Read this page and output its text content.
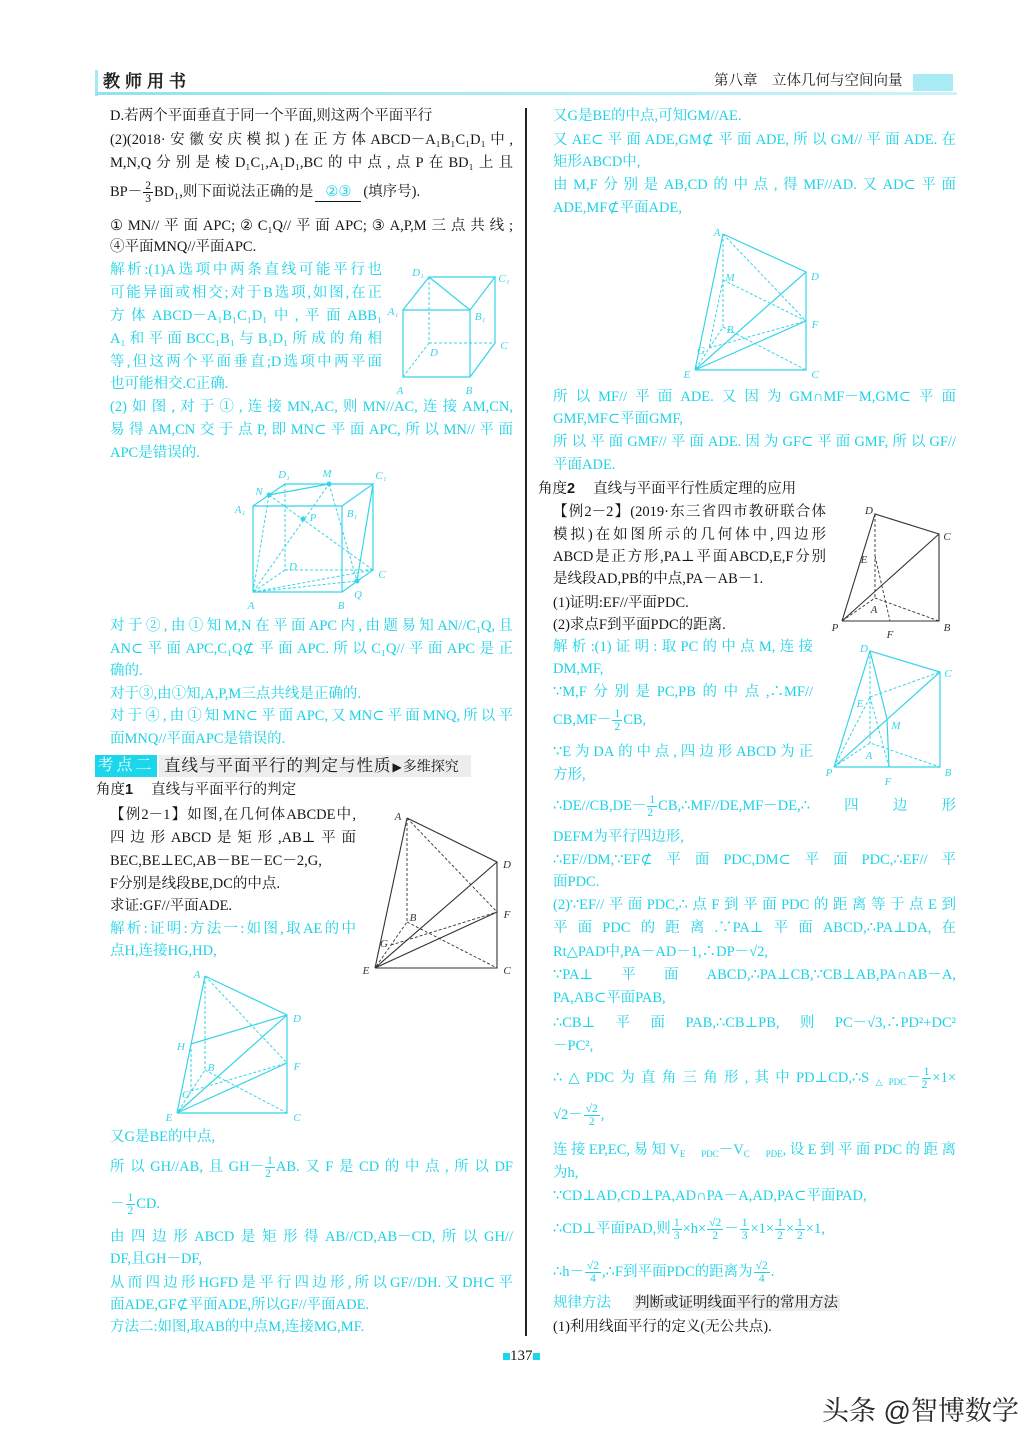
教师用书	第八章　立体几何与空间向量
D.若两个平面垂直于同一个平面,则这两个平面平行
(2)(2018·安徽安庆模拟)在正方体ABCD－A₁B₁C₁D₁中,
M,N,Q分别是棱D₁C₁,A₁D₁,BC的中点,点P在BD₁上且
$BP- \frac{2}{3} BD_1$,则下面说法正确的是 ②③ (填序号).
①MN//平面APC;②C₁Q//平面APC;③A,P,M三点共线;
④平面MNQ//平面APC.
解析:(1)A选项中两条直线可能平行也
可能异面或相交;对于B选项,如图,在正
方体ABCD－A₁B₁C₁D₁中,平面ABB₁
A₁和平面BCC₁B₁与B₁D₁所成的角相
等,但这两个平面垂直;D选项中两平面
也可能相交.C正确.
D₁	C₁
A₁	B₁
C
D
A	B
(2)如图,对于①,连接MN,AC,则MN//AC,连接AM,CN,
易得AM,CN交于点P,即MN⊂平面APC,所以MN//平面
APC是错误的.
D₁	M	C₁
N
A₁	B₁
P
D
C
A	B
Q
对于②,由①知M,N在平面APC内,由题易知AN//C₁Q,且
AN⊂平面APC,C₁Q⊄平面APC.所以C₁Q//平面APC是正
确的.
对于③,由①知,A,P,M三点共线是正确的.
对于④,由①知MN⊂平面APC,又MN⊂平面MNQ,所以平
面MNQ//平面APC是错误的.
考点二 直线与平面平行的判定与性质▶多维探究
角度1 直线与平面平行的判定
【例2－1】如图,在几何体ABCDE中,
四边形ABCD是矩形,AB⊥平面
BEC,BE⊥EC,AB－BE－EC－2,G,
F分别是线段BE,DC的中点.
求证:GF//平面ADE.
解析:证明:方法一:如图,取AE的中
点H,连接HG,HD,
A
D
F
C
E
B
G
A
D
H
F
B
G
E	C
又G是BE的中点,
所以GH//AB,且$GH- \frac{1}{2}$ AB.又F是CD的中点,所以DF
－ $\frac{1}{2}$ CD.
由四边形ABCD是矩形得AB//CD,AB－CD,所以GH//
DF,且GH－DF,
从而四边形HGFD是平行四边形,所以GF//DH.又DH⊂平
面ADE,GF⊄平面ADE,所以GF//平面ADE.
方法二:如图,取AB的中点M,连接MG,MF.
又G是BE的中点,可知GM//AE.
又AE⊂平面ADE,GM⊄平面ADE,所以GM//平面ADE.在
矩形ABCD中,
由M,F分别是AB,CD的中点,得MF//AD.又AD⊂平面
ADE,MF⊄平面ADE,
A
M	D
B	F
G
E	C
所以MF//平面ADE.又因为GM∩MF－M,GM⊂平面
GMF,MF⊂平面GMF,
所以平面GMF//平面ADE.因为GF⊂平面GMF,所以GF//
平面ADE.
角度2 直线与平面平行性质定理的应用
【例2－2】(2019·东三省四市教研联合体
模拟)在如图所示的几何体中,四边形
ABCD是正方形,PA⊥平面ABCD,E,F分别
是线段AD,PB的中点,PA－AB－1.
(1)证明:EF//平面PDC.
(2)求点F到平面PDC的距离.
D
C
E
A
P
F
B
解析:(1)证明:取PC的中点M,连接
DM,MF,
∵M,F分别是PC,PB的中点,∴MF//
$CB,MF- \frac{1}{2}$ CB,
∵E为DA的中点,四边形ABCD为正
方形,
D
C
E
M
A
P
F
B
∴DE//CB,DE－ $\frac{1}{2}$ CB,∴MF//DE,MF－DE,∴四边形
DEFM为平行四边形,
∴EF//DM,∵EF⊄平面PDC,DM⊂平面PDC,∴EF//平
面PDC.
(2)∵EF//平面PDC,∴点F到平面PDC的距离等于点E到
平面PDC的距离.∵PA⊥平面ABCD,∴PA⊥DA,在
Rt△PAD中,PA－AD－1,∴DP－√2,
∵PA⊥平面ABCD,∴PA⊥CB,∵CB⊥AB,PA∩AB－A,
PA,AB⊂平面PAB,
∴CB⊥平面PAB,∴CB⊥PB,则PC－√3,∴PD²+DC²
－PC²,
∴△PDC为直角三角形,其中$PD\perp CD,\therefore S_{\triangle PDC}- \frac{1}{2} \times 1\times$
$√2- \frac{√2}{2}$ ,
连接EP,EC,易知$V_{E PDC}-V_{C PDE}$,设E到平面PDC的距离
为h,
∵CD⊥AD,CD⊥PA,AD∩PA－A,AD,PA⊂平面PAD,
∴CD⊥平面PAD,则 $\frac{1}{3} \times h\times \frac{√2}{2} - \frac{1}{3} \times 1\times \frac{1}{2} \times \frac{1}{2} \times 1$,
∴h－ $\frac{√2}{4}$ ,∴F到平面PDC的距离为 $\frac{√2}{4}$ .
规律方法 判断或证明线面平行的常用方法
(1)利用线面平行的定义(无公共点).
137
头条 @智博数学
